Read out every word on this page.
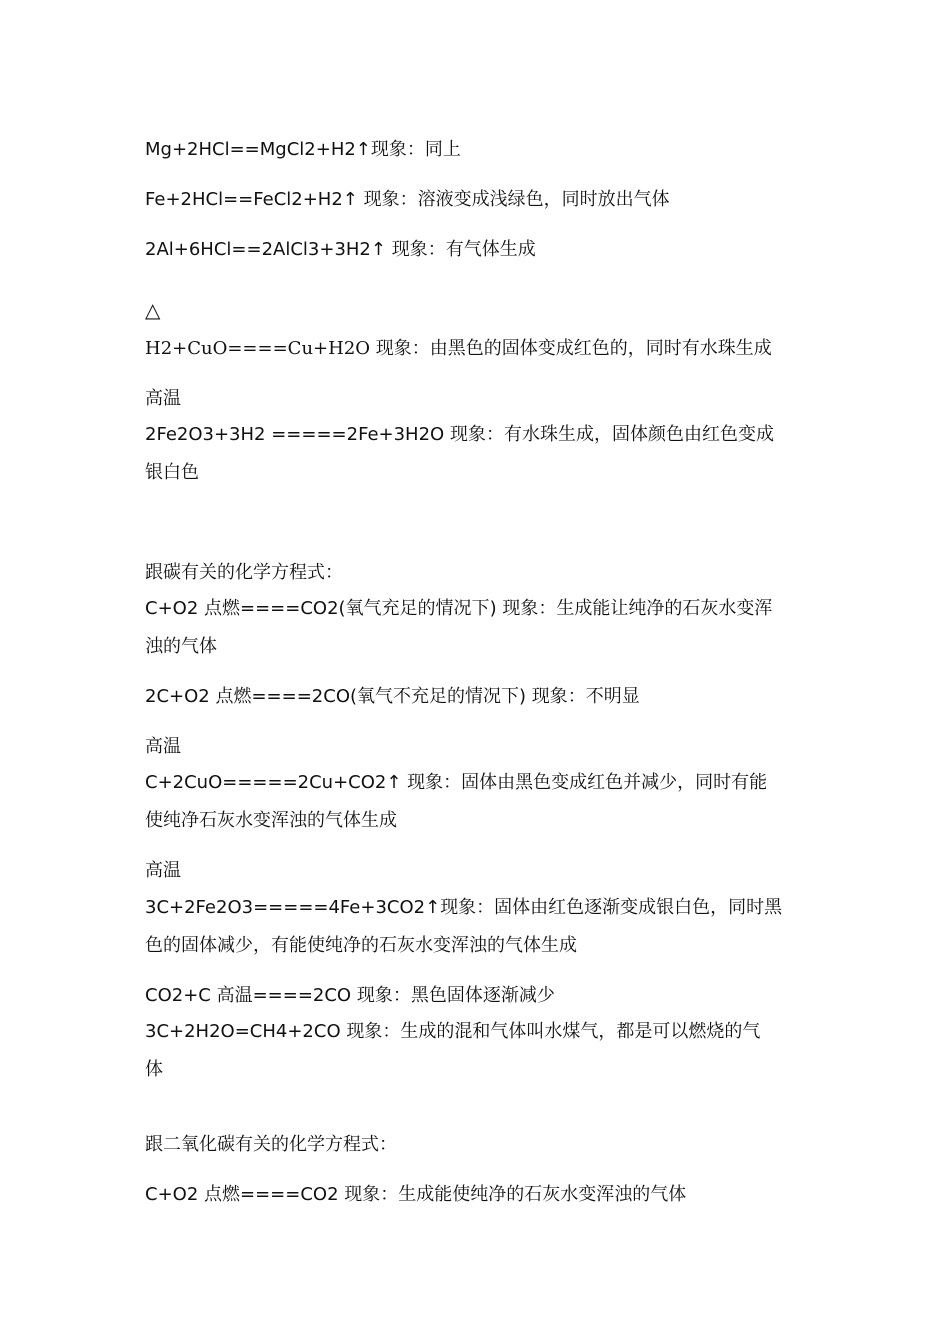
Mg+2HCl==MgCl2+H2↑现象：同上
Fe+2HCl==FeCl2+H2↑ 现象：溶液变成浅绿色，同时放出气体
2Al+6HCl==2AlCl3+3H2↑ 现象：有气体生成
△
H2+CuO====Cu+H2O 现象：由黑色的固体变成红色的，同时有水珠生成
高温
2Fe2O3+3H2 =====2Fe+3H2O 现象：有水珠生成，固体颜色由红色变成
银白色
跟碳有关的化学方程式：
C+O2 点燃====CO2(氧气充足的情况下) 现象：生成能让纯净的石灰水变浑
浊的气体
2C+O2 点燃====2CO(氧气不充足的情况下) 现象：不明显
高温
C+2CuO=====2Cu+CO2↑ 现象：固体由黑色变成红色并减少，同时有能
使纯净石灰水变浑浊的气体生成
高温
3C+2Fe2O3=====4Fe+3CO2↑现象：固体由红色逐渐变成银白色，同时黑
色的固体减少，有能使纯净的石灰水变浑浊的气体生成
CO2+C 高温====2CO 现象：黑色固体逐渐减少
3C+2H2O=CH4+2CO 现象：生成的混和气体叫水煤气，都是可以燃烧的气
体
跟二氧化碳有关的化学方程式：
C+O2 点燃====CO2 现象：生成能使纯净的石灰水变浑浊的气体
